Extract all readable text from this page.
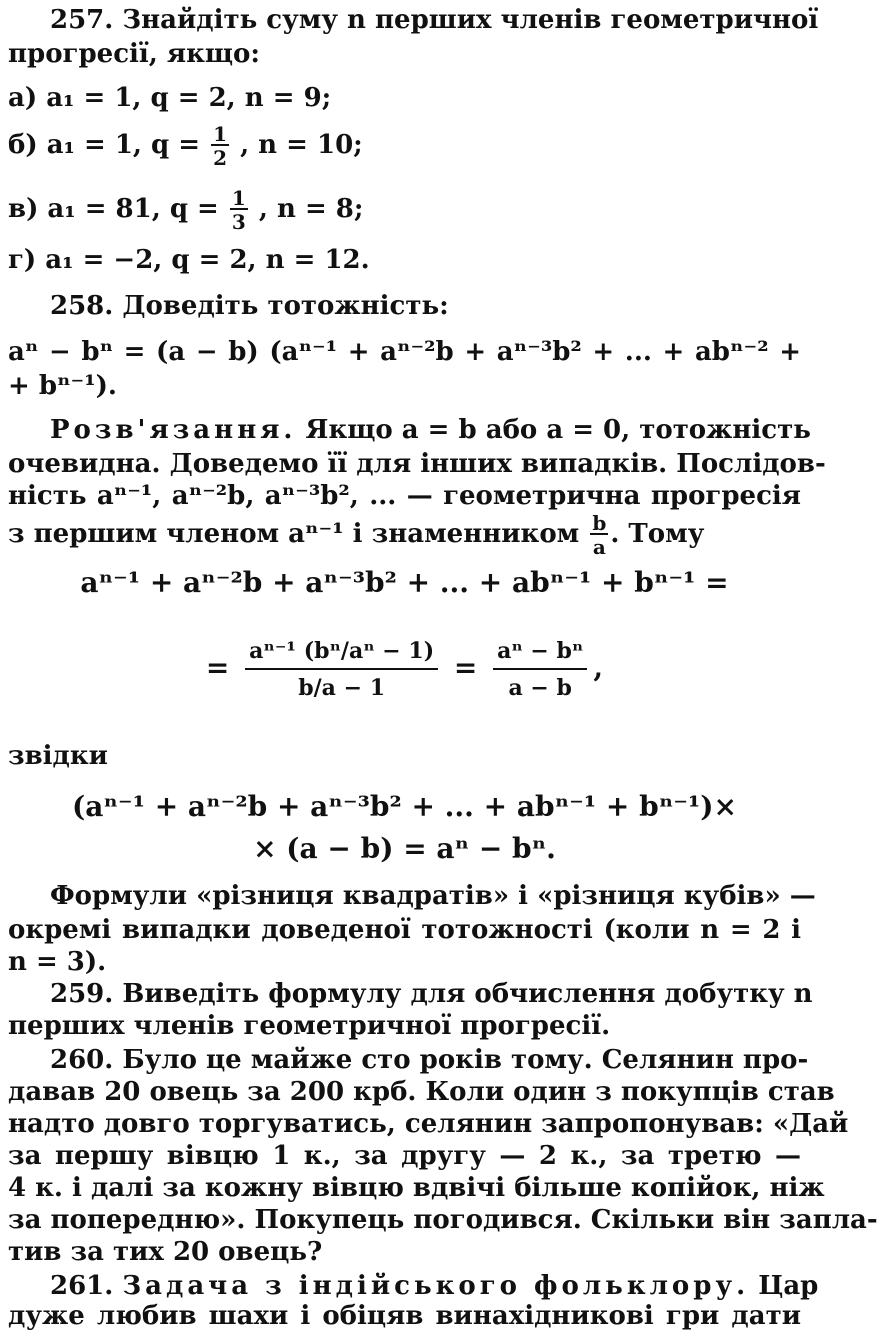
257. Знайдіть суму n перших членів геометричної
прогресії, якщо:
а) a₁ = 1, q = 2, n = 9;
б) a₁ = 1, $q = \frac{1}{2}$ , n = 10;
в) a₁ = 81, $q = \frac{1}{3}$ , n = 8;
г) a₁ = −2, q = 2, n = 12.
258. Доведіть тотожність:
aⁿ − bⁿ = (a − b) (aⁿ⁻¹ + aⁿ⁻²b + aⁿ⁻³b² + ... + abⁿ⁻² +
+ bⁿ⁻¹).
Розв'язання. Якщо a = b або a = 0, тотожність
очевидна. Доведемо її для інших випадків. Послідов-
ність aⁿ⁻¹, aⁿ⁻²b, aⁿ⁻³b², ... — геометрична прогресія
з першим членом aⁿ⁻¹ і знаменником $\frac{b}{a}$ . Тому
aⁿ⁻¹ + aⁿ⁻²b + aⁿ⁻³b² + ... + abⁿ⁻¹ + bⁿ⁻¹ =
= $\frac{\text{aⁿ⁻¹ (bⁿ/aⁿ − 1)}}{b/a - 1} = \frac{\text{aⁿ − bⁿ}}{a - b}$ ,
звідки
(aⁿ⁻¹ + aⁿ⁻²b + aⁿ⁻³b² + ... + abⁿ⁻¹ + bⁿ⁻¹)×
× (a − b) = aⁿ − bⁿ.
Формули «різниця квадратів» і «різниця кубів» —
окремі випадки доведеної тотожності (коли n = 2 і
n = 3).
259. Виведіть формулу для обчислення добутку n
перших членів геометричної прогресії.
260. Було це майже сто років тому. Селянин про-
давав 20 овець за 200 крб. Коли один з покупців став
надто довго торгуватись, селянин запропонував: «Дай
за першу вівцю 1 к., за другу — 2 к., за третю —
4 к. і далі за кожну вівцю вдвічі більше копійок, ніж
за попередню». Покупець погодився. Скільки він запла-
тив за тих 20 овець?
261. Задача з індійського фольклору. Цар
дуже любив шахи і обіцяв винахідникові гри дати
